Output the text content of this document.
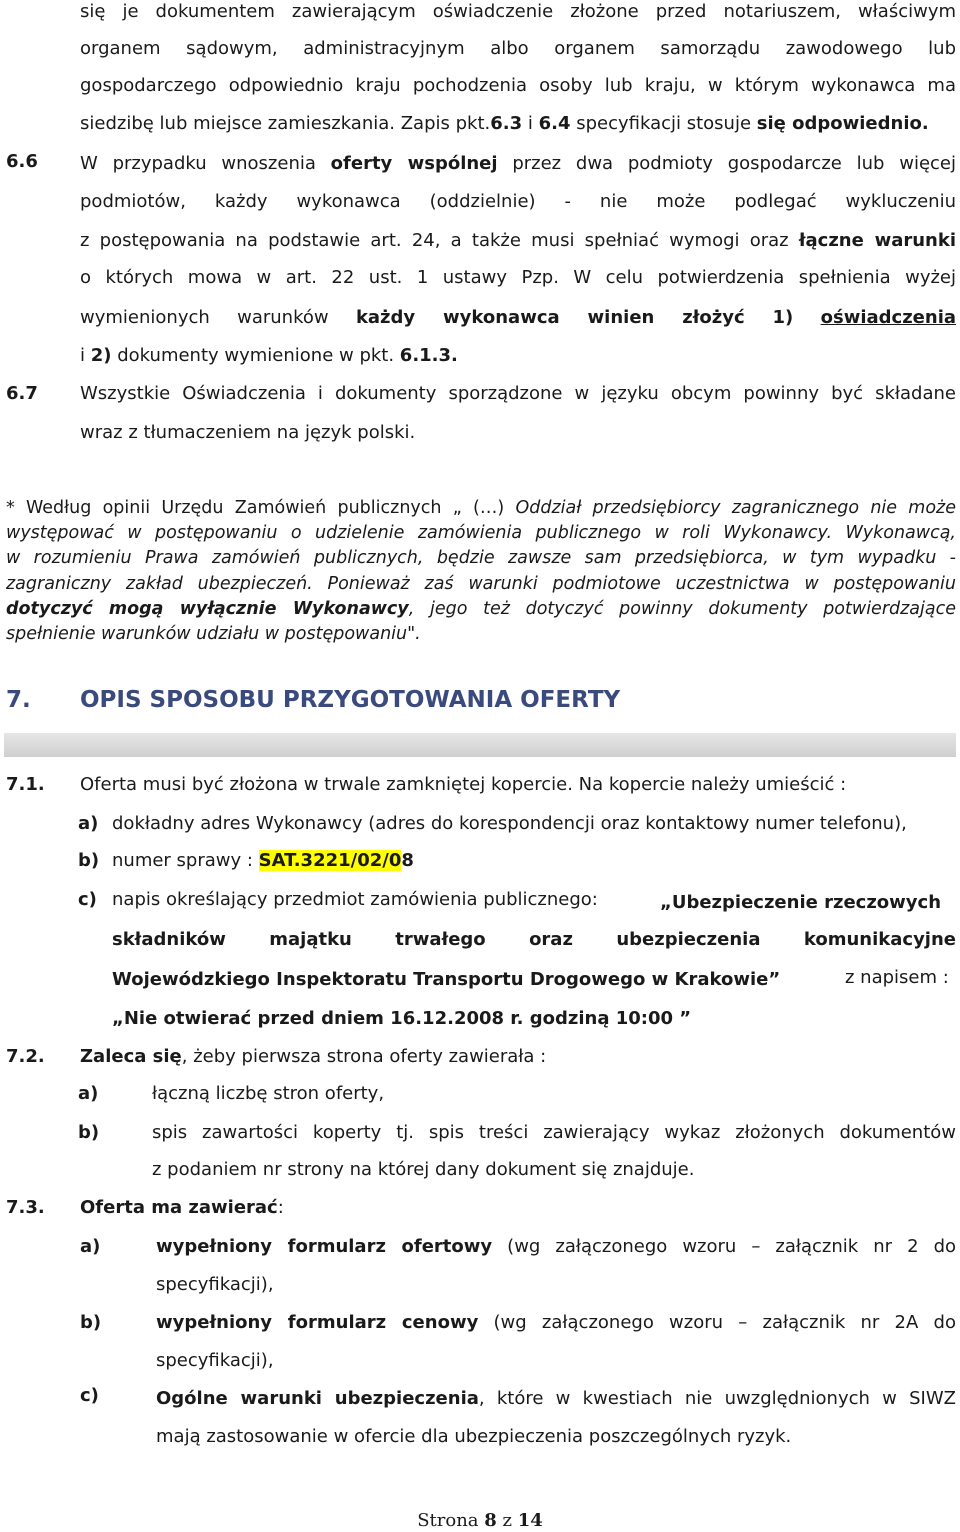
się je dokumentem zawierającym oświadczenie złożone przed notariuszem, właściwym
organem sądowym, administracyjnym albo organem samorządu zawodowego lub
gospodarczego odpowiednio kraju pochodzenia osoby lub kraju, w którym wykonawca ma
siedzibę lub miejsce zamieszkania. Zapis pkt.6.3 i 6.4 specyfikacji stosuje się odpowiednio.
6.6 W przypadku wnoszenia oferty wspólnej przez dwa podmioty gospodarcze lub więcej
podmiotów, każdy wykonawca (oddzielnie) - nie może podlegać wykluczeniu
z postępowania na podstawie art. 24, a także musi spełniać wymogi oraz łączne warunki
o których mowa w art. 22 ust. 1 ustawy Pzp. W celu potwierdzenia spełnienia wyżej
wymienionych warunków każdy wykonawca winien złożyć 1) oświadczenia
i 2) dokumenty wymienione w pkt. 6.1.3.
6.7 Wszystkie Oświadczenia i dokumenty sporządzone w języku obcym powinny być składane
wraz z tłumaczeniem na język polski.
* Według opinii Urzędu Zamówień publicznych „ (…) Oddział przedsiębiorcy zagranicznego nie może
występować w postępowaniu o udzielenie zamówienia publicznego w roli Wykonawcy. Wykonawcą,
w rozumieniu Prawa zamówień publicznych, będzie zawsze sam przedsiębiorca, w tym wypadku -
zagraniczny zakład ubezpieczeń. Ponieważ zaś warunki podmiotowe uczestnictwa w postępowaniu
dotyczyć mogą wyłącznie Wykonawcy, jego też dotyczyć powinny dokumenty potwierdzające
spełnienie warunków udziału w postępowaniu".
7. OPIS SPOSOBU PRZYGOTOWANIA OFERTY
7.1. Oferta musi być złożona w trwale zamkniętej kopercie. Na kopercie należy umieścić :
a) dokładny adres Wykonawcy (adres do korespondencji oraz kontaktowy numer telefonu),
b) numer sprawy : SAT.3221/02/08
c) napis określający przedmiot zamówienia publicznego:	„Ubezpieczenie rzeczowych
składników majątku trwałego oraz ubezpieczenia komunikacyjne
Wojewódzkiego Inspektoratu Transportu Drogowego w Krakowie”	z napisem :
„Nie otwierać przed dniem 16.12.2008 r. godziną 10:00 ”
7.2. Zaleca się, żeby pierwsza strona oferty zawierała :
a)	łączną liczbę stron oferty,
b)	spis zawartości koperty tj. spis treści zawierający wykaz złożonych dokumentów
z podaniem nr strony na której dany dokument się znajduje.
7.3. Oferta ma zawierać:
a)	wypełniony formularz ofertowy (wg załączonego wzoru – załącznik nr 2 do
specyfikacji),
b)	wypełniony formularz cenowy (wg załączonego wzoru – załącznik nr 2A do
specyfikacji),
c)	Ogólne warunki ubezpieczenia, które w kwestiach nie uwzględnionych w SIWZ
mają zastosowanie w ofercie dla ubezpieczenia poszczególnych ryzyk.
Strona 8 z 14
